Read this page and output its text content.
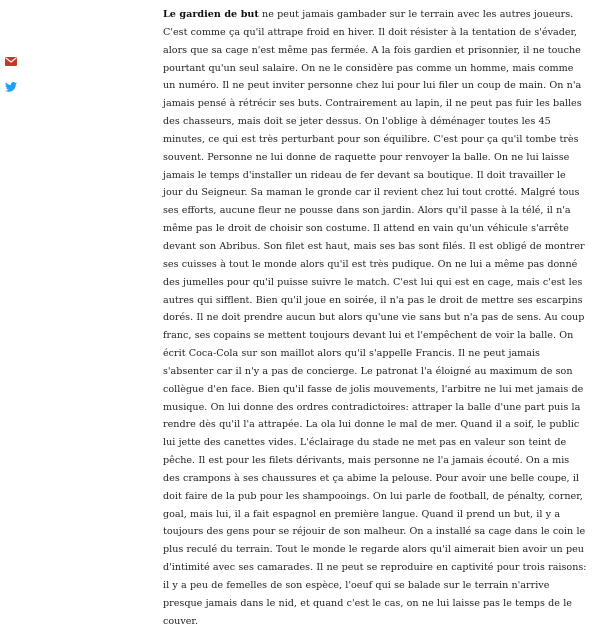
Le gardien de but ne peut jamais gambader sur le terrain avec les autres joueurs. C'est comme ça qu'il attrape froid en hiver. Il doit résister à la tentation de s'évader, alors que sa cage n'est même pas fermée. A la fois gardien et prisonnier, il ne touche pourtant qu'un seul salaire. On ne le considère pas comme un homme, mais comme un numéro. Il ne peut inviter personne chez lui pour lui filer un coup de main. On n'a jamais pensé à rétrécir ses buts. Contrairement au lapin, il ne peut pas fuir les balles des chasseurs, mais doit se jeter dessus. On l'oblige à déménager toutes les 45 minutes, ce qui est très perturbant pour son équilibre. C'est pour ça qu'il tombe très souvent. Personne ne lui donne de raquette pour renvoyer la balle. On ne lui laisse jamais le temps d'installer un rideau de fer devant sa boutique. Il doit travailler le jour du Seigneur. Sa maman le gronde car il revient chez lui tout crotté. Malgré tous ses efforts, aucune fleur ne pousse dans son jardin. Alors qu'il passe à la télé, il n'a même pas le droit de choisir son costume. Il attend en vain qu'un véhicule s'arrête devant son Abribus. Son filet est haut, mais ses bas sont filés. Il est obligé de montrer ses cuisses à tout le monde alors qu'il est très pudique. On ne lui a même pas donné des jumelles pour qu'il puisse suivre le match. C'est lui qui est en cage, mais c'est les autres qui sifflent. Bien qu'il joue en soirée, il n'a pas le droit de mettre ses escarpins dorés. Il ne doit prendre aucun but alors qu'une vie sans but n'a pas de sens. Au coup franc, ses copains se mettent toujours devant lui et l'empêchent de voir la balle. On écrit Coca-Cola sur son maillot alors qu'il s'appelle Francis. Il ne peut jamais s'absenter car il n'y a pas de concierge. Le patronat l'a éloigné au maximum de son collègue d'en face. Bien qu'il fasse de jolis mouvements, l'arbitre ne lui met jamais de musique. On lui donne des ordres contradictoires: attraper la balle d'une part puis la rendre dès qu'il l'a attrapée. La ola lui donne le mal de mer. Quand il a soif, le public lui jette des canettes vides. L'éclairage du stade ne met pas en valeur son teint de pêche. Il est pour les filets dérivants, mais personne ne l'a jamais écouté. On a mis des crampons à ses chaussures et ça abime la pelouse. Pour avoir une belle coupe, il doit faire de la pub pour les shampooings. On lui parle de football, de pénalty, corner, goal, mais lui, il a fait espagnol en première langue. Quand il prend un but, il y a toujours des gens pour se réjouir de son malheur. On a installé sa cage dans le coin le plus reculé du terrain. Tout le monde le regarde alors qu'il aimerait bien avoir un peu d'intimité avec ses camarades. Il ne peut se reproduire en captivité pour trois raisons: il y a peu de femelles de son espèce, l'oeuf qui se balade sur le terrain n'arrive presque jamais dans le nid, et quand c'est le cas, on ne lui laisse pas le temps de le couver.
